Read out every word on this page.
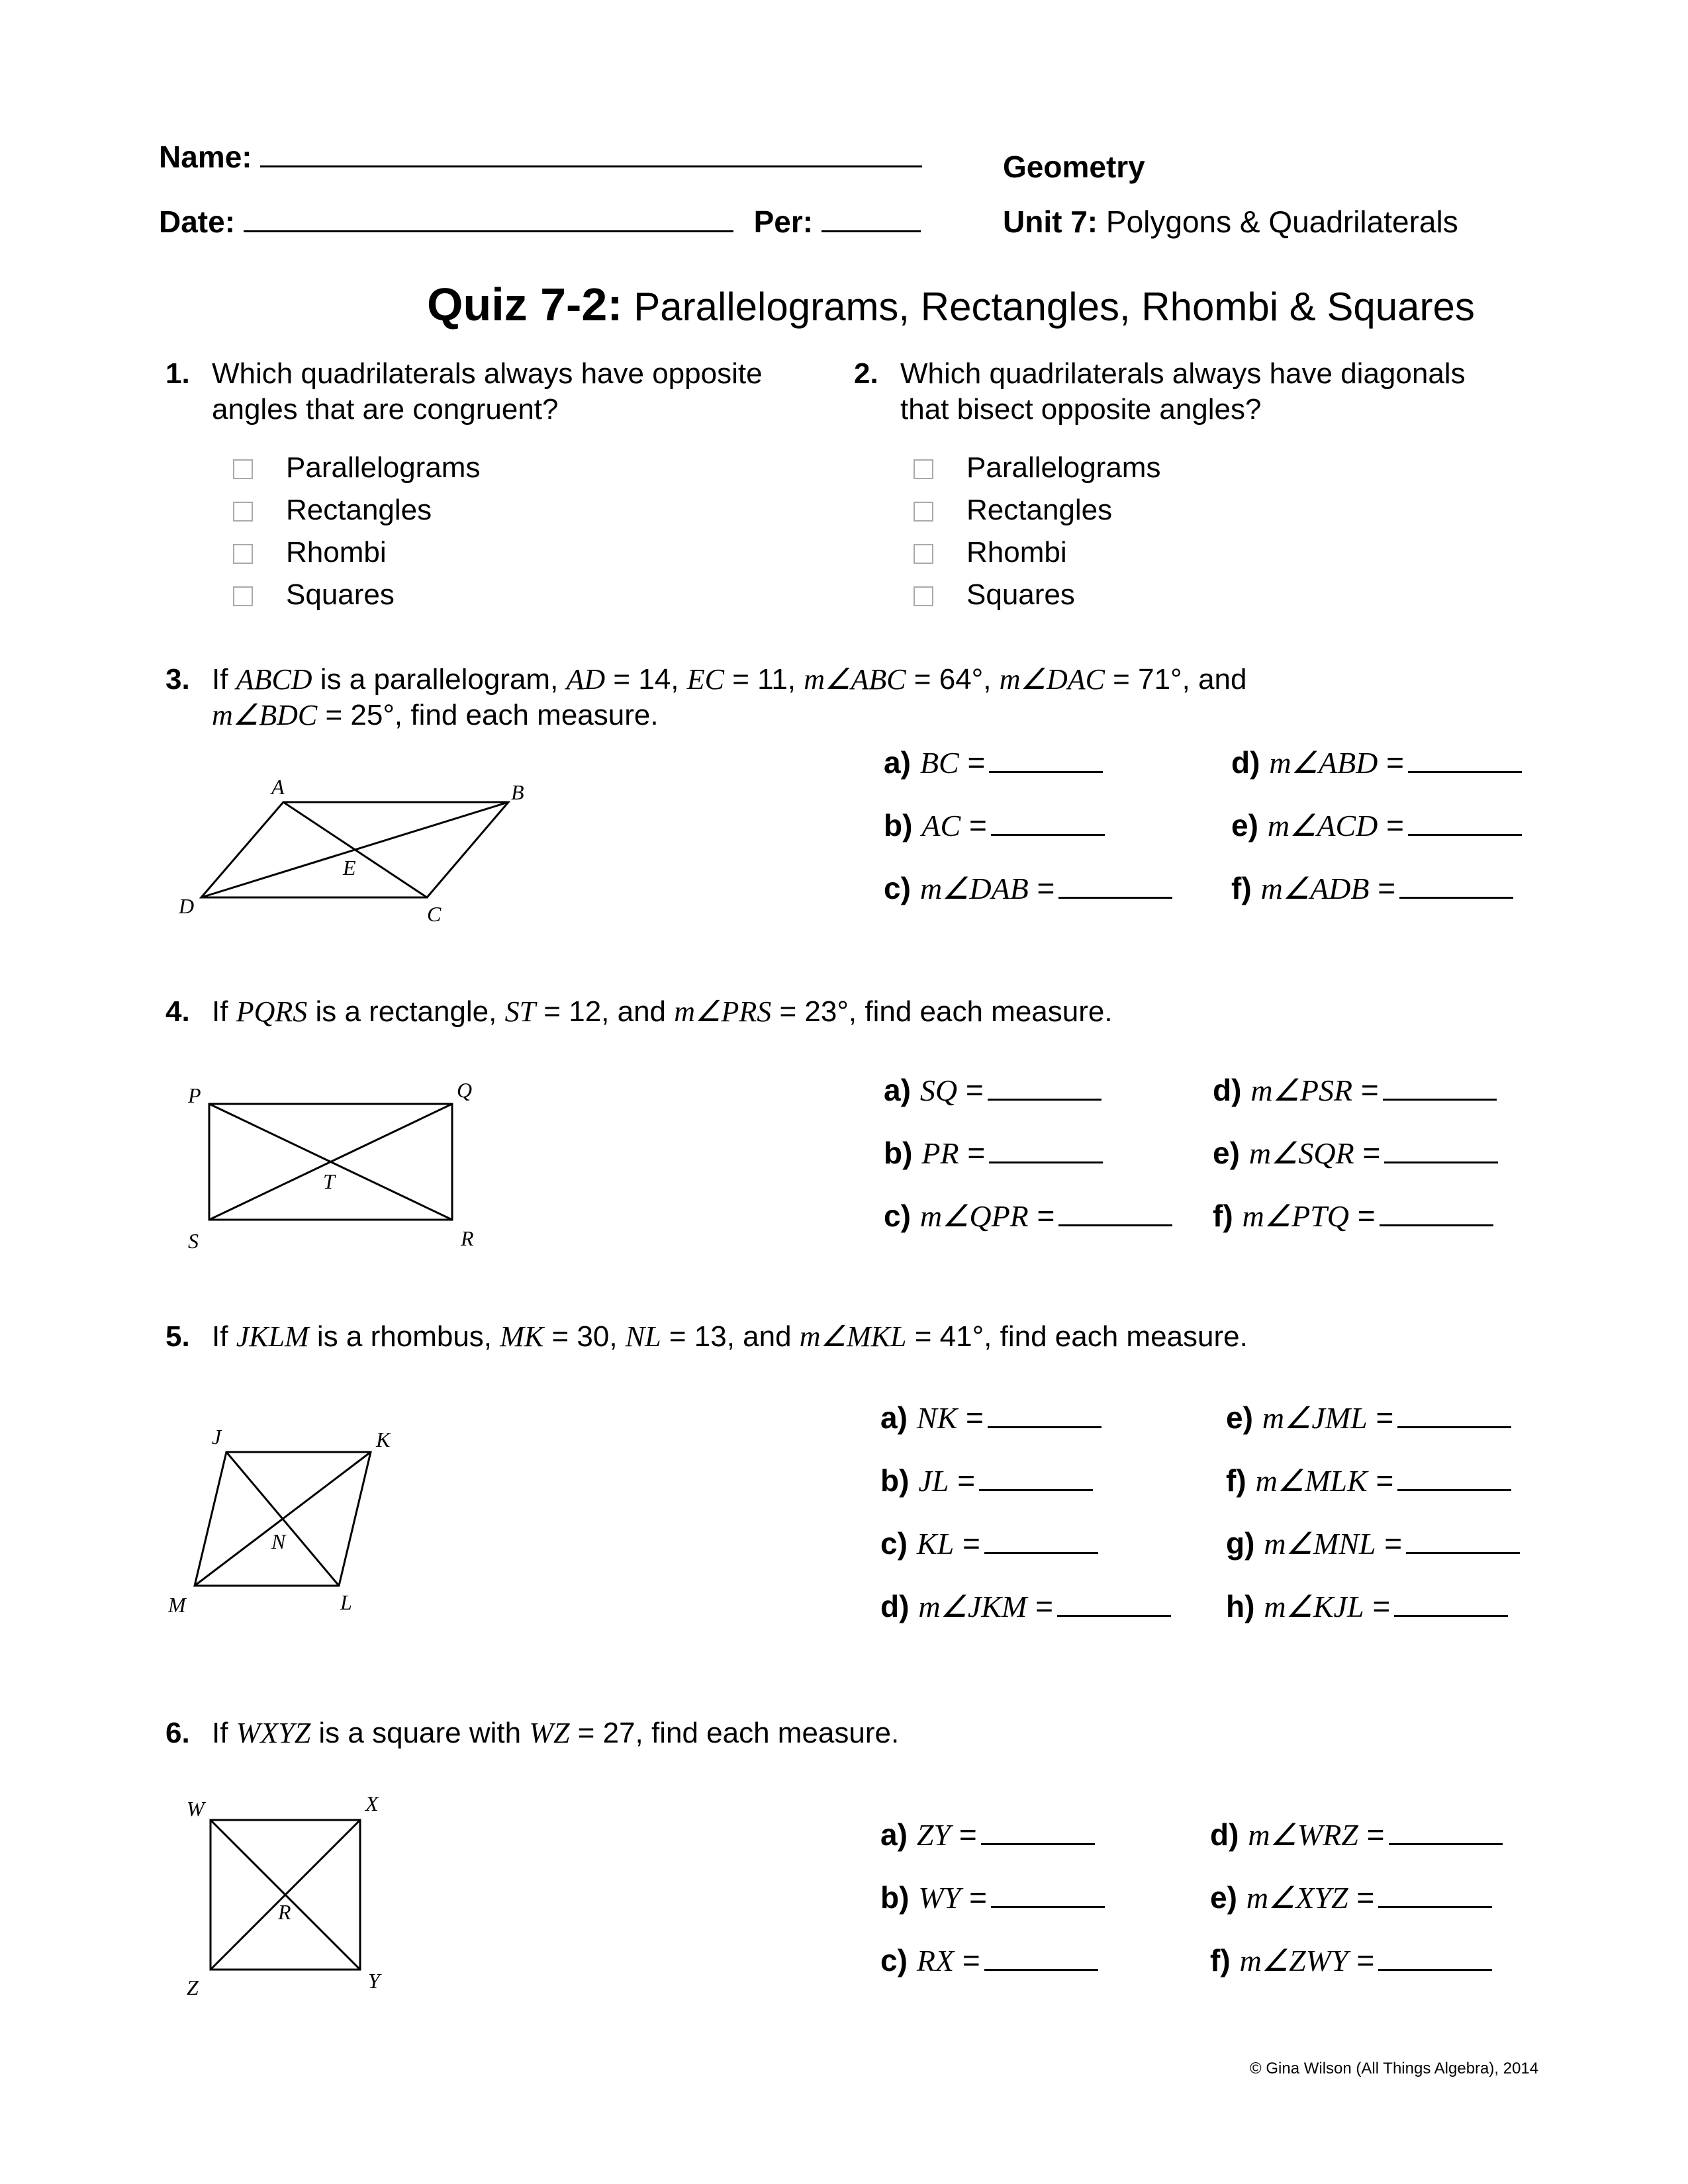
Name:	Geometry
Date:	Per:	Unit 7: Polygons & Quadrilaterals
Quiz 7-2: Parallelograms, Rectangles, Rhombi & Squares
1. Which quadrilaterals always have opposite
angles that are congruent?
Parallelograms
Rectangles
Rhombi
Squares
2. Which quadrilaterals always have diagonals
that bisect opposite angles?
Parallelograms
Rectangles
Rhombi
Squares
3. If ABCD is a parallelogram, AD = 14, EC = 11, m∠ABC = 64°, m∠DAC = 71°, and
m∠BDC = 25°, find each measure.
A	B
C
D
E
a) BC =
b) AC =
c) m∠DAB =
d) m∠ABD =
e) m∠ACD =
f) m∠ADB =
4. If PQRS is a rectangle, ST = 12, and m∠PRS = 23°, find each measure.
P	Q
R
S
T
a) SQ =
b) PR =
c) m∠QPR =
d) m∠PSR =
e) m∠SQR =
f) m∠PTQ =
5. If JKLM is a rhombus, MK = 30, NL = 13, and m∠MKL = 41°, find each measure.
J	K
L
M
N
a) NK =
b) JL =
c) KL =
d) m∠JKM =
e) m∠JML =
f) m∠MLK =
g) m∠MNL =
h) m∠KJL =
6. If WXYZ is a square with WZ = 27, find each measure.
W	X
Y
Z
R
a) ZY =
b) WY =
c) RX =
d) m∠WRZ =
e) m∠XYZ =
f) m∠ZWY =
© Gina Wilson (All Things Algebra), 2014
